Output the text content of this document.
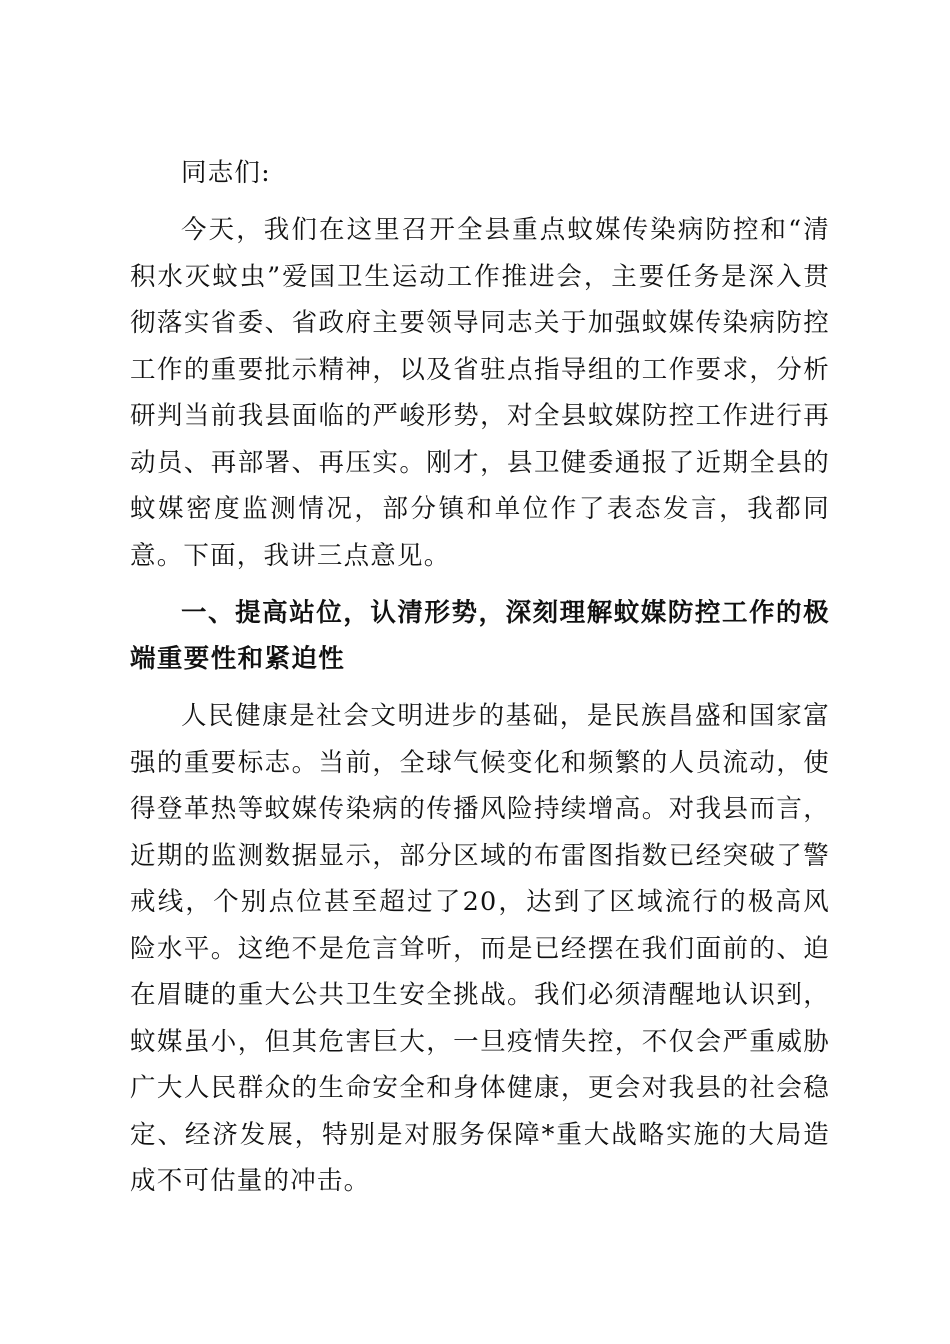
同志们:

今天，我们在这里召开全县重点蚊媒传染病防控和“清积水灭蚊虫”爱国卫生运动工作推进会，主要任务是深入贯彻落实省委、省政府主要领导同志关于加强蚊媒传染病防控工作的重要批示精神，以及省驻点指导组的工作要求，分析研判当前我县面临的严峻形势，对全县蚊媒防控工作进行再动员、再部署、再压实。刚才，县卫健委通报了近期全县的蚊媒密度监测情况，部分镇和单位作了表态发言，我都同意。下面，我讲三点意见。

一、提高站位，认清形势，深刻理解蚊媒防控工作的极端重要性和紧迫性

人民健康是社会文明进步的基础，是民族昌盛和国家富强的重要标志。当前，全球气候变化和频繁的人员流动，使得登革热等蚊媒传染病的传播风险持续增高。对我县而言，近期的监测数据显示，部分区域的布雷图指数已经突破了警戒线，个别点位甚至超过了20，达到了区域流行的极高风险水平。这绝不是危言耸听，而是已经摆在我们面前的、迫在眉睫的重大公共卫生安全挑战。我们必须清醒地认识到，蚊媒虽小，但其危害巨大，一旦疫情失控，不仅会严重威胁广大人民群众的生命安全和身体健康，更会对我县的社会稳定、经济发展，特别是对服务保障*重大战略实施的大局造成不可估量的冲击。
